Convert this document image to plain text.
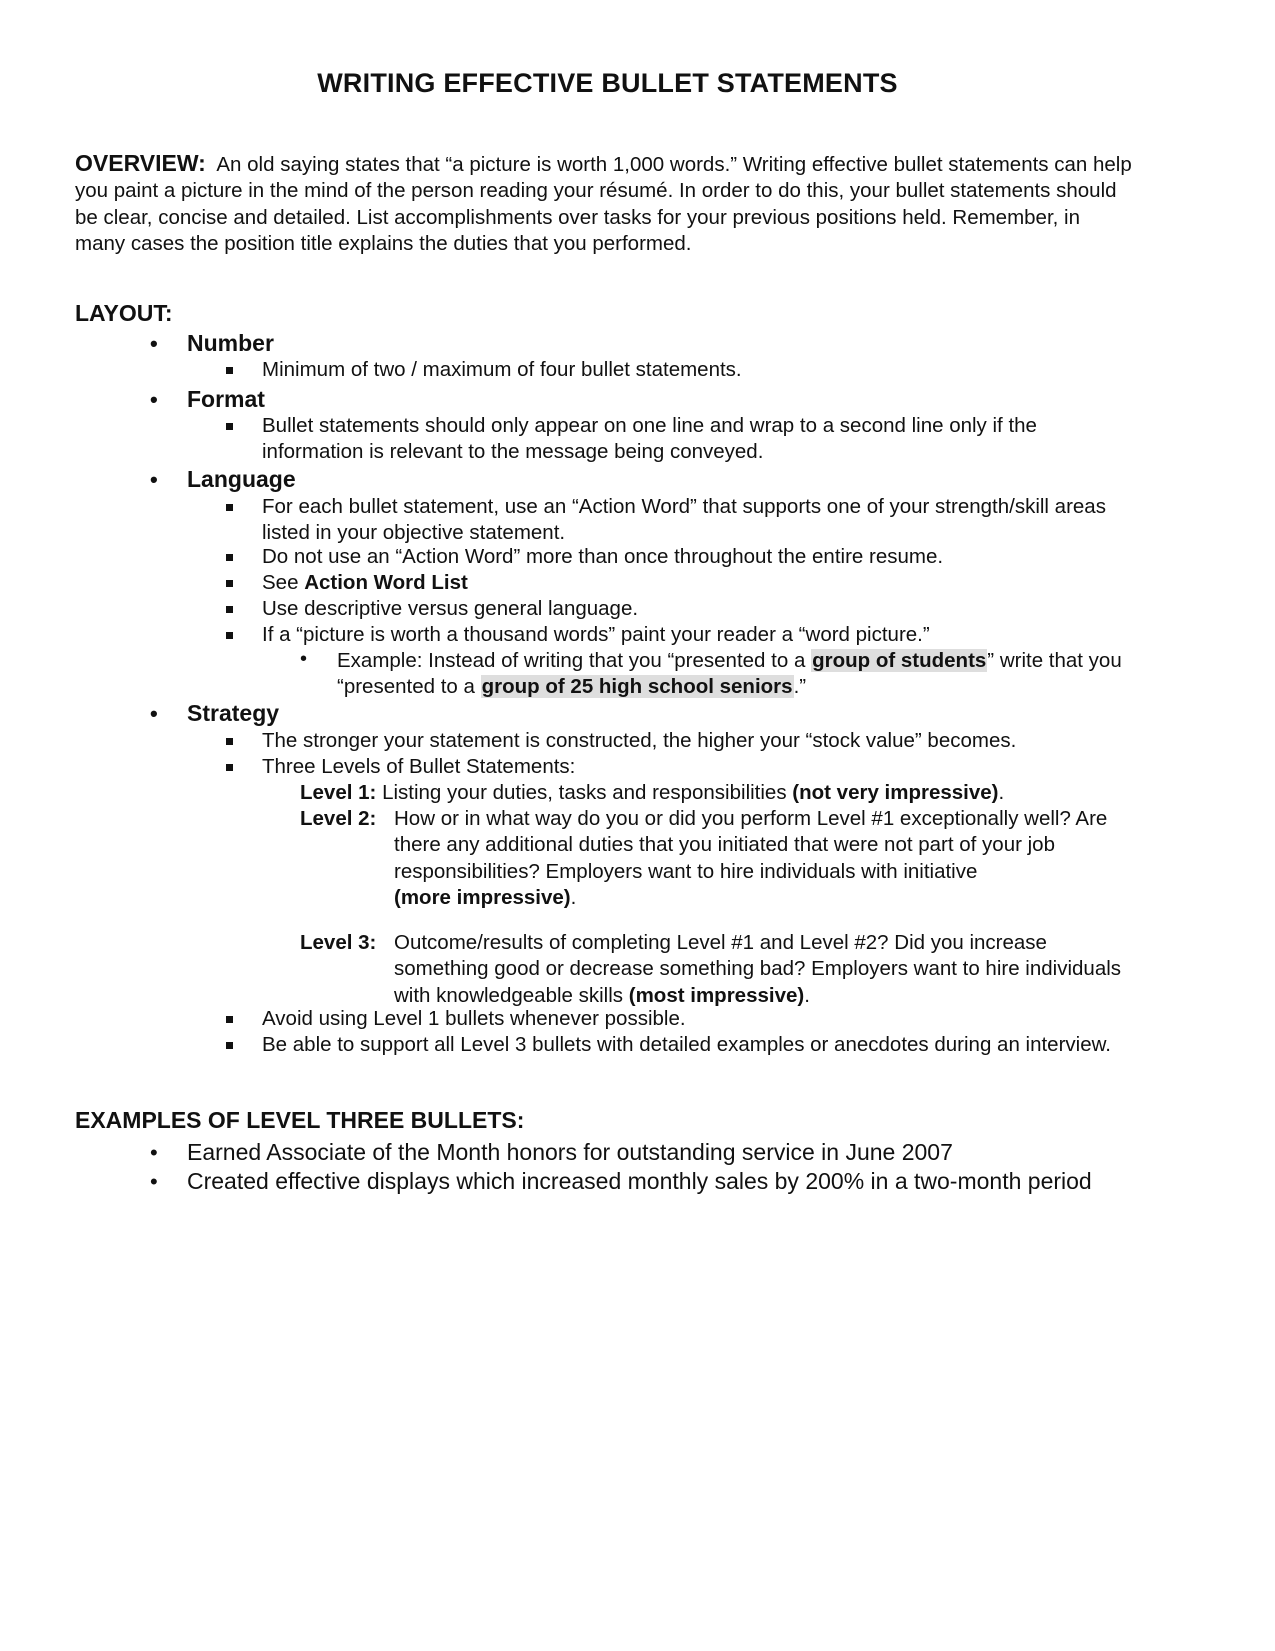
WRITING EFFECTIVE BULLET STATEMENTS
OVERVIEW: An old saying states that “a picture is worth 1,000 words.” Writing effective bullet statements can help you paint a picture in the mind of the person reading your résumé. In order to do this, your bullet statements should be clear, concise and detailed. List accomplishments over tasks for your previous positions held. Remember, in many cases the position title explains the duties that you performed.
LAYOUT:
• Number
Minimum of two / maximum of four bullet statements.
• Format
Bullet statements should only appear on one line and wrap to a second line only if the information is relevant to the message being conveyed.
• Language
For each bullet statement, use an “Action Word” that supports one of your strength/skill areas listed in your objective statement.
Do not use an “Action Word” more than once throughout the entire resume.
See Action Word List
Use descriptive versus general language.
If a “picture is worth a thousand words” paint your reader a “word picture.”
• Example: Instead of writing that you “presented to a group of students” write that you “presented to a group of 25 high school seniors.”
• Strategy
The stronger your statement is constructed, the higher your “stock value” becomes.
Three Levels of Bullet Statements:
Level 1: Listing your duties, tasks and responsibilities (not very impressive).
Level 2: How or in what way do you or did you perform Level #1 exceptionally well? Are there any additional duties that you initiated that were not part of your job responsibilities? Employers want to hire individuals with initiative
(more impressive).
Level 3: Outcome/results of completing Level #1 and Level #2? Did you increase something good or decrease something bad? Employers want to hire individuals with knowledgeable skills (most impressive).
Avoid using Level 1 bullets whenever possible.
Be able to support all Level 3 bullets with detailed examples or anecdotes during an interview.
EXAMPLES OF LEVEL THREE BULLETS:
• Earned Associate of the Month honors for outstanding service in June 2007
• Created effective displays which increased monthly sales by 200% in a two-month period
